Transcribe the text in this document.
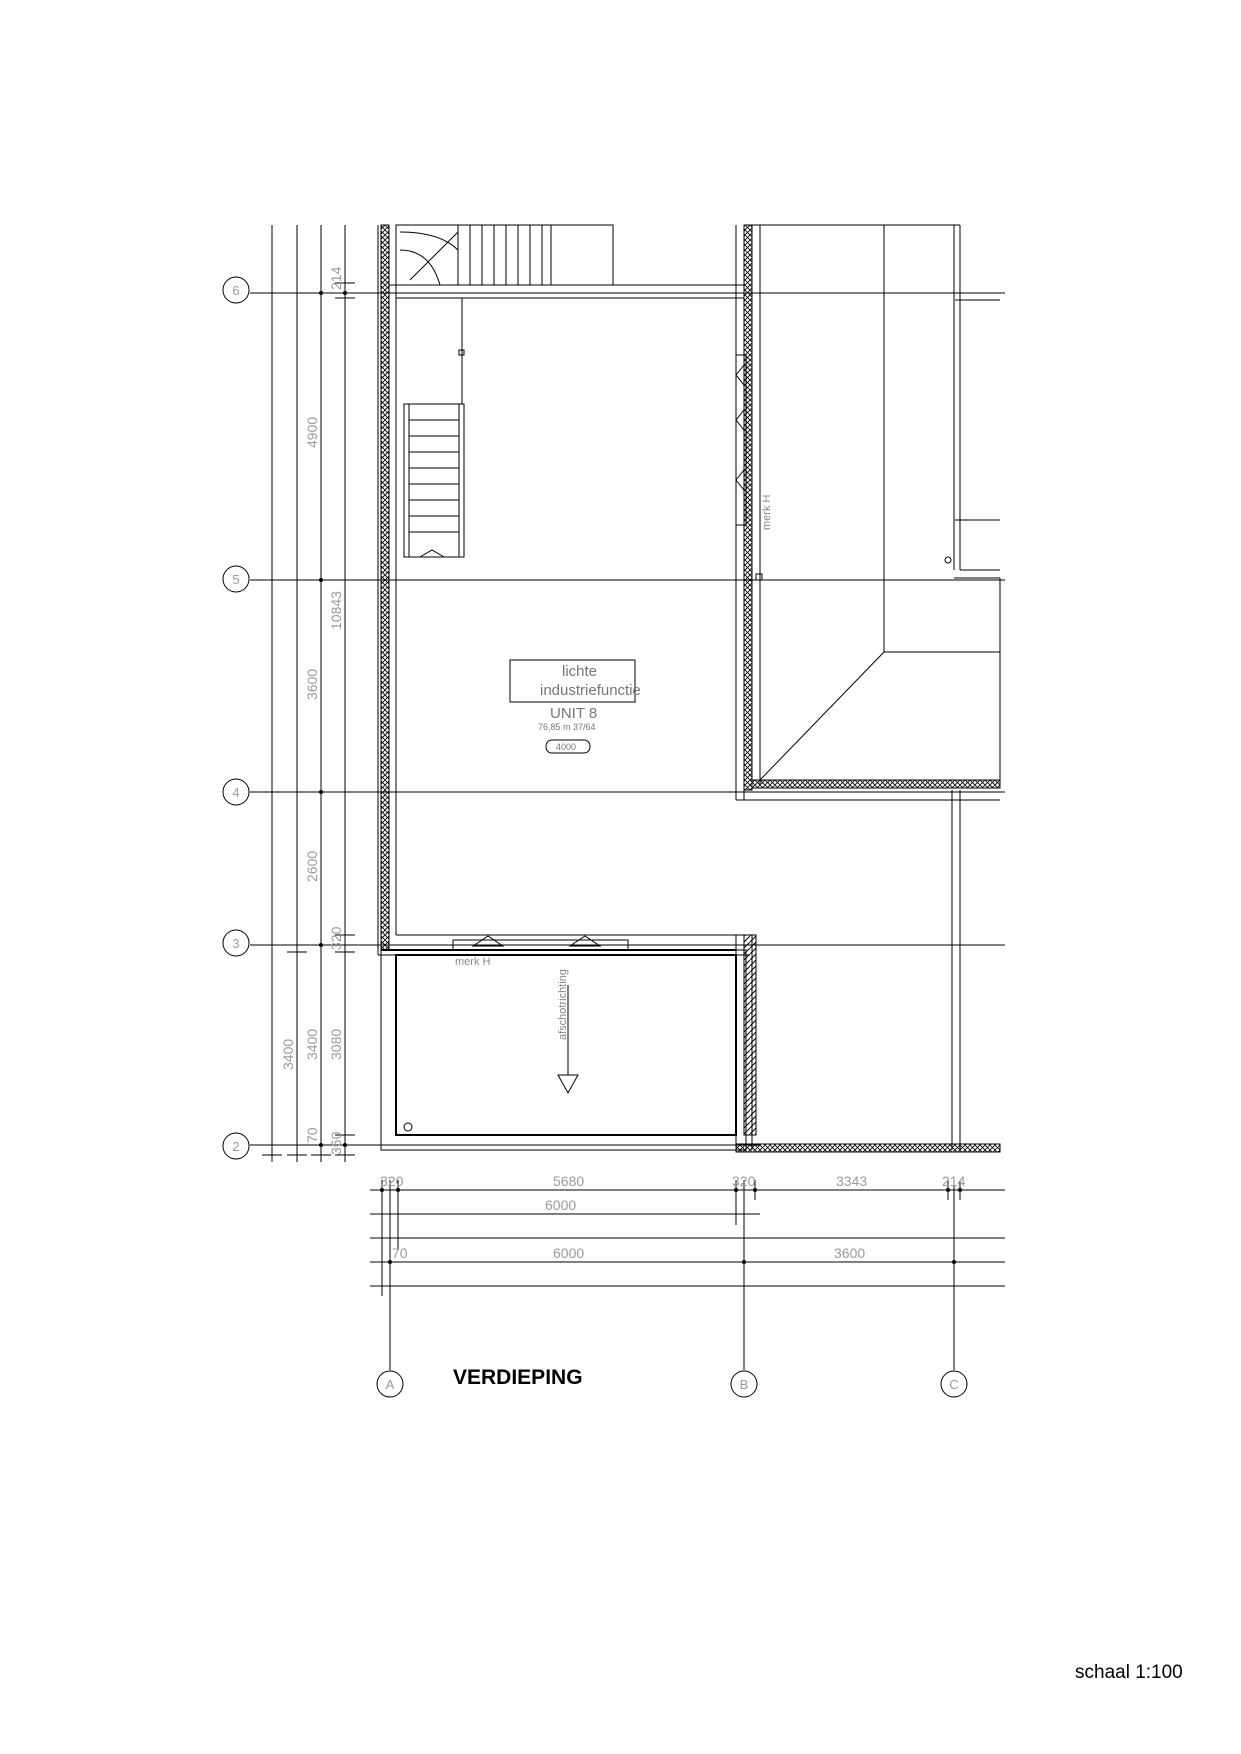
6
5
4
3
2
A	B	C
3400
4900
3600
2600
3400
70
214
10843
320
3080
360
320	5680	320	3343	214
6000
70	6000	3600
lichte
industriefunctie
UNIT 8
76,85 m 37/64
4000
merk H
merk H
afschotrichting
VERDIEPING
schaal 1:100
